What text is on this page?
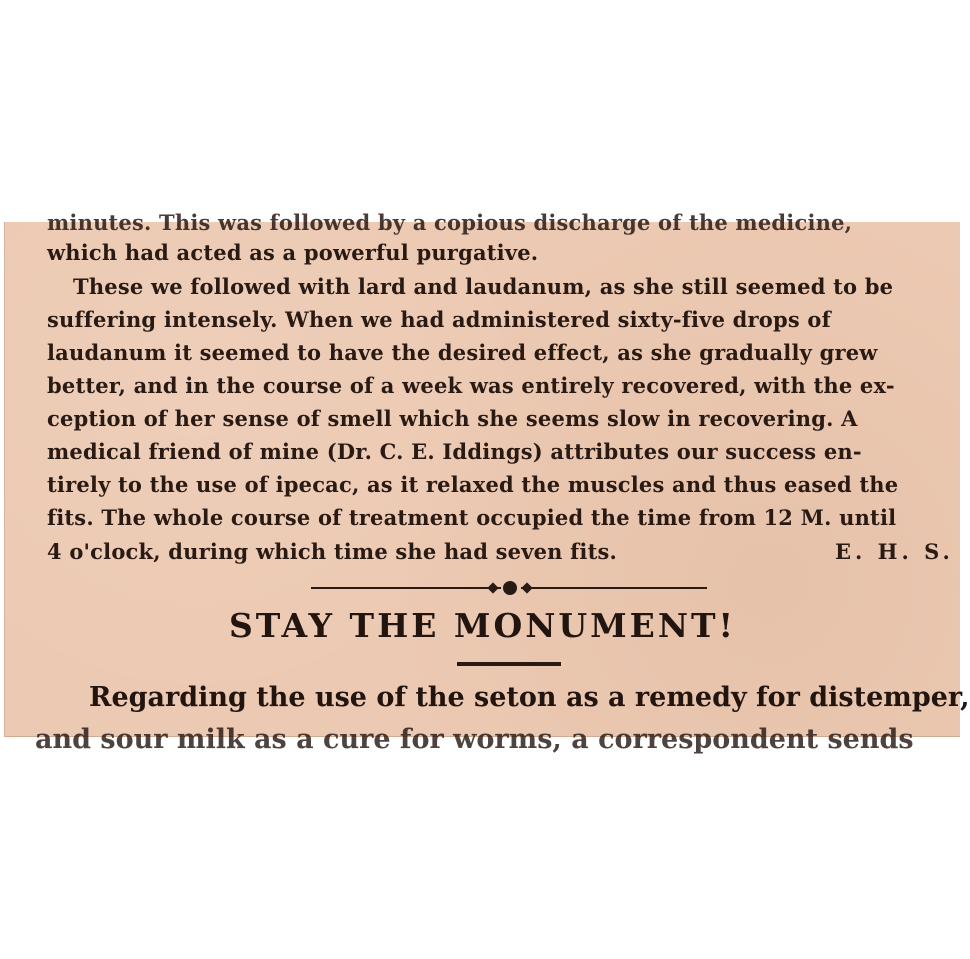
minutes. This was followed by a copious discharge of the medicine,
which had acted as a powerful purgative.
These we followed with lard and laudanum, as she still seemed to be
suffering intensely. When we had administered sixty-five drops of
laudanum it seemed to have the desired effect, as she gradually grew
better, and in the course of a week was entirely recovered, with the ex-
ception of her sense of smell which she seems slow in recovering. A
medical friend of mine (Dr. C. E. Iddings) attributes our success en-
tirely to the use of ipecac, as it relaxed the muscles and thus eased the
fits. The whole course of treatment occupied the time from 12 M. until
4 o'clock, during which time she had seven fits.	E. H. S.
STAY THE MONUMENT!
Regarding the use of the seton as a remedy for distemper,
and sour milk as a cure for worms, a correspondent sends
